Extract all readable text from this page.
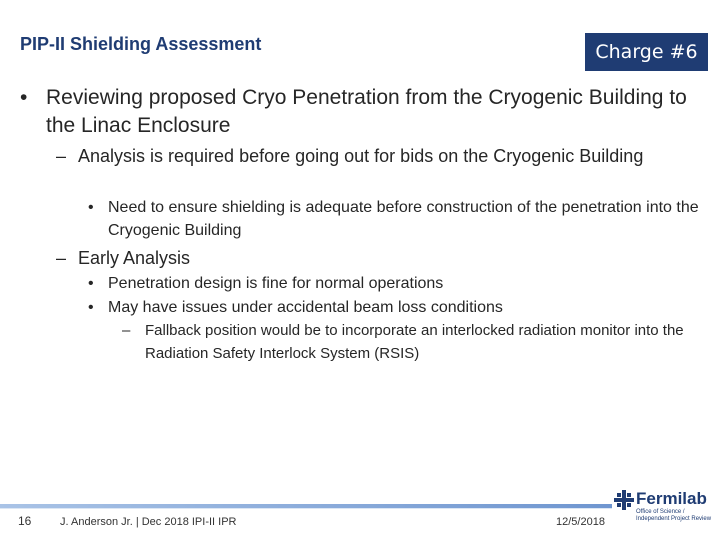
PIP-II Shielding Assessment	Charge #6
• Reviewing proposed Cryo Penetration from the Cryogenic Building to the Linac Enclosure
– Analysis is required before going out for bids on the Cryogenic Building
• Need to ensure shielding is adequate before construction of the penetration into the Cryogenic Building
– Early Analysis
• Penetration design is fine for normal operations
• May have issues under accidental beam loss conditions
– Fallback position would be to incorporate an interlocked radiation monitor into the Radiation Safety Interlock System (RSIS)
16	J. Anderson Jr. | Dec 2018 IPI-II IPR	12/5/2018
Fermilab
Office of Science / Independent Project Review
